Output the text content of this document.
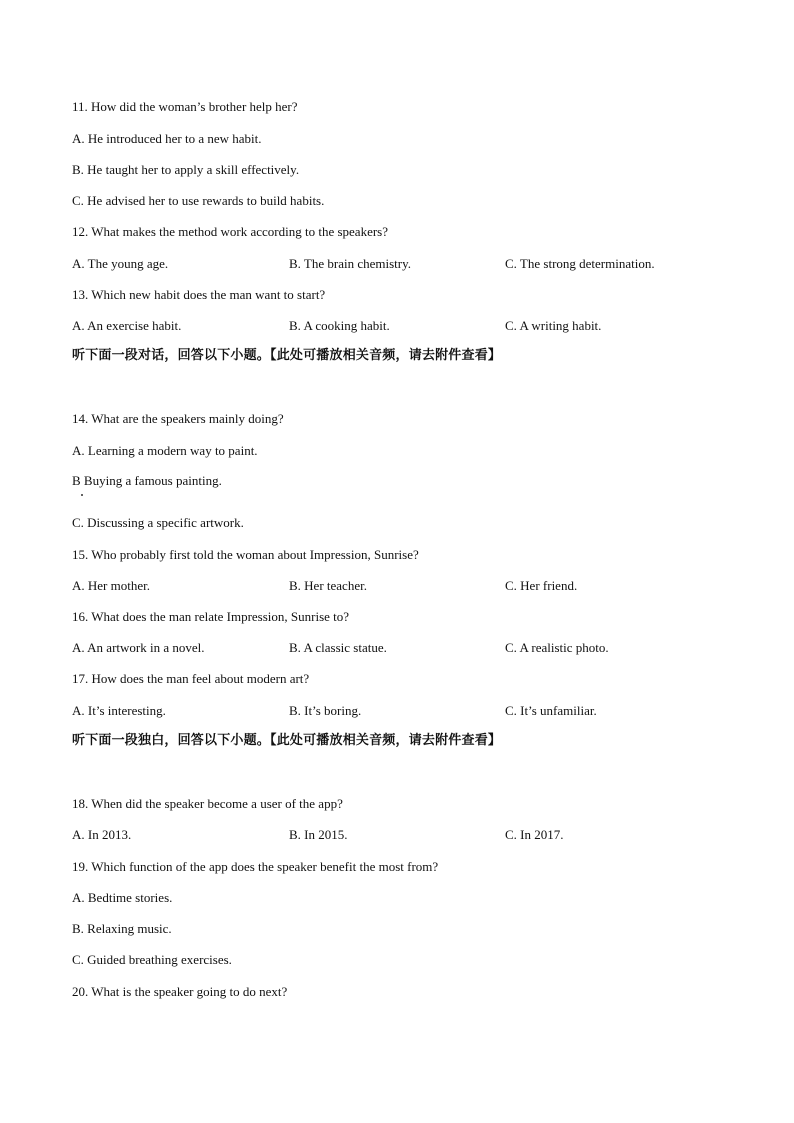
11. How did the woman’s brother help her?
A. He introduced her to a new habit.
B. He taught her to apply a skill effectively.
C. He advised her to use rewards to build habits.
12. What makes the method work according to the speakers?
A. The young age.	B. The brain chemistry.	C. The strong determination.
13. Which new habit does the man want to start?
A. An exercise habit.	B. A cooking habit.	C. A writing habit.
听下面一段对话，回答以下小题。【此处可播放相关音频，请去附件查看】
14. What are the speakers mainly doing?
A. Learning a modern way to paint.
B Buying a famous painting.
C. Discussing a specific artwork.
15. Who probably first told the woman about Impression, Sunrise?
A. Her mother.	B. Her teacher.	C. Her friend.
16. What does the man relate Impression, Sunrise to?
A. An artwork in a novel.	B. A classic statue.	C. A realistic photo.
17. How does the man feel about modern art?
A. It’s interesting.	B. It’s boring.	C. It’s unfamiliar.
听下面一段独白，回答以下小题。【此处可播放相关音频，请去附件查看】
18. When did the speaker become a user of the app?
A. In 2013.	B. In 2015.	C. In 2017.
19. Which function of the app does the speaker benefit the most from?
A. Bedtime stories.
B. Relaxing music.
C. Guided breathing exercises.
20. What is the speaker going to do next?
